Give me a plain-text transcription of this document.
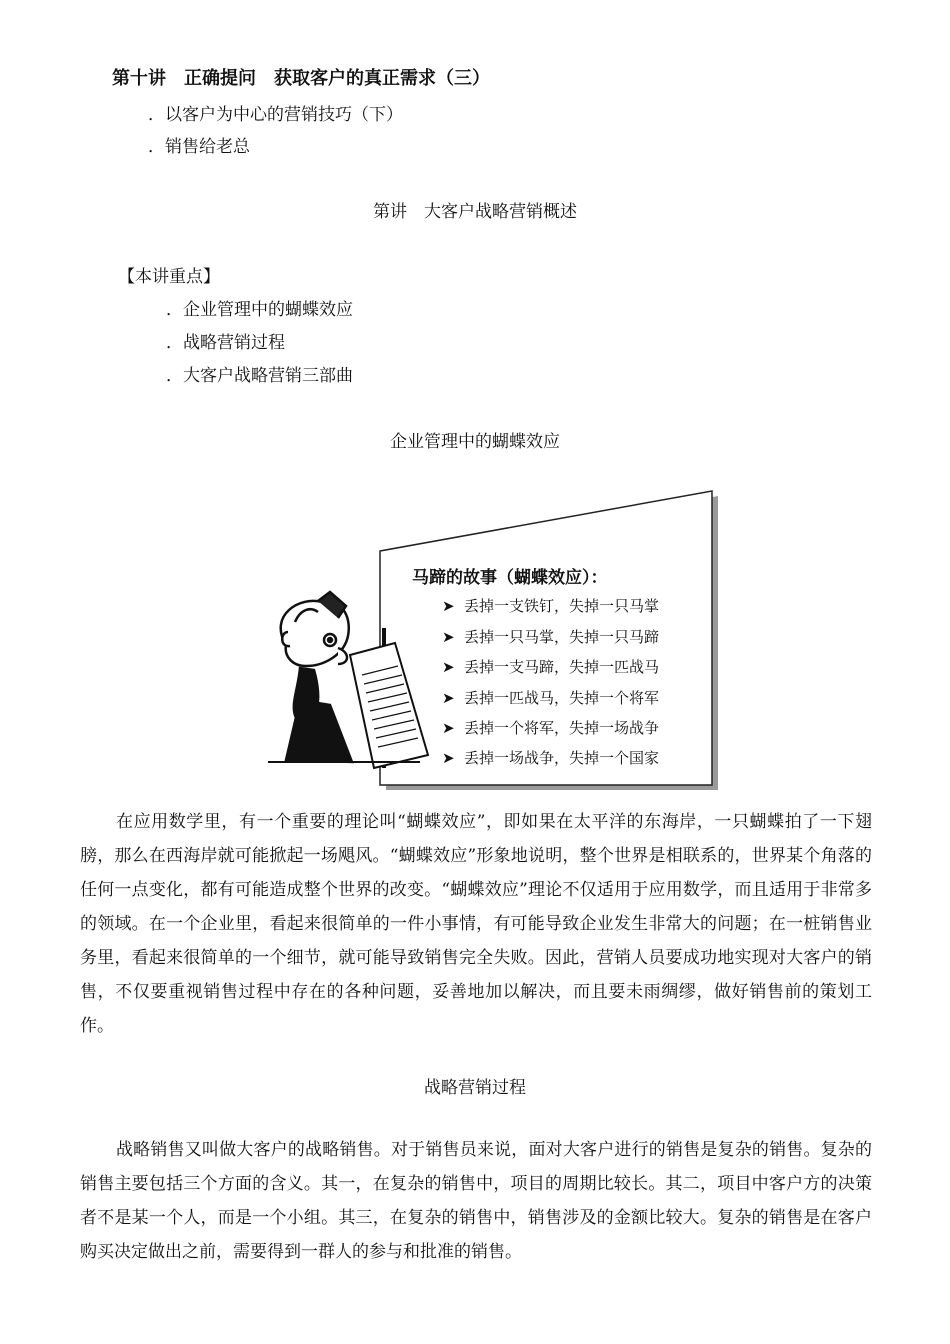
第十讲　正确提问　获取客户的真正需求（三）
．以客户为中心的营销技巧（下）
．销售给老总
第讲　大客户战略营销概述
【本讲重点】
．企业管理中的蝴蝶效应
．战略营销过程
．大客户战略营销三部曲
企业管理中的蝴蝶效应
马蹄的故事（蝴蝶效应）：
➤ 丢掉一支铁钉，失掉一只马掌
➤ 丢掉一只马掌，失掉一只马蹄
➤ 丢掉一支马蹄，失掉一匹战马
➤ 丢掉一匹战马，失掉一个将军
➤ 丢掉一个将军，失掉一场战争
➤ 丢掉一场战争，失掉一个国家
在应用数学里，有一个重要的理论叫“蝴蝶效应”，即如果在太平洋的东海岸，一只蝴蝶拍了一下翅膀，那么在西海岸就可能掀起一场飓风。“蝴蝶效应”形象地说明，整个世界是相联系的，世界某个角落的任何一点变化，都有可能造成整个世界的改变。“蝴蝶效应”理论不仅适用于应用数学，而且适用于非常多的领域。在一个企业里，看起来很简单的一件小事情，有可能导致企业发生非常大的问题；在一桩销售业务里，看起来很简单的一个细节，就可能导致销售完全失败。因此，营销人员要成功地实现对大客户的销售，不仅要重视销售过程中存在的各种问题，妥善地加以解决，而且要未雨绸缪，做好销售前的策划工作。
战略营销过程
战略销售又叫做大客户的战略销售。对于销售员来说，面对大客户进行的销售是复杂的销售。复杂的销售主要包括三个方面的含义。其一，在复杂的销售中，项目的周期比较长。其二，项目中客户方的决策者不是某一个人，而是一个小组。其三，在复杂的销售中，销售涉及的金额比较大。复杂的销售是在客户购买决定做出之前，需要得到一群人的参与和批准的销售。
